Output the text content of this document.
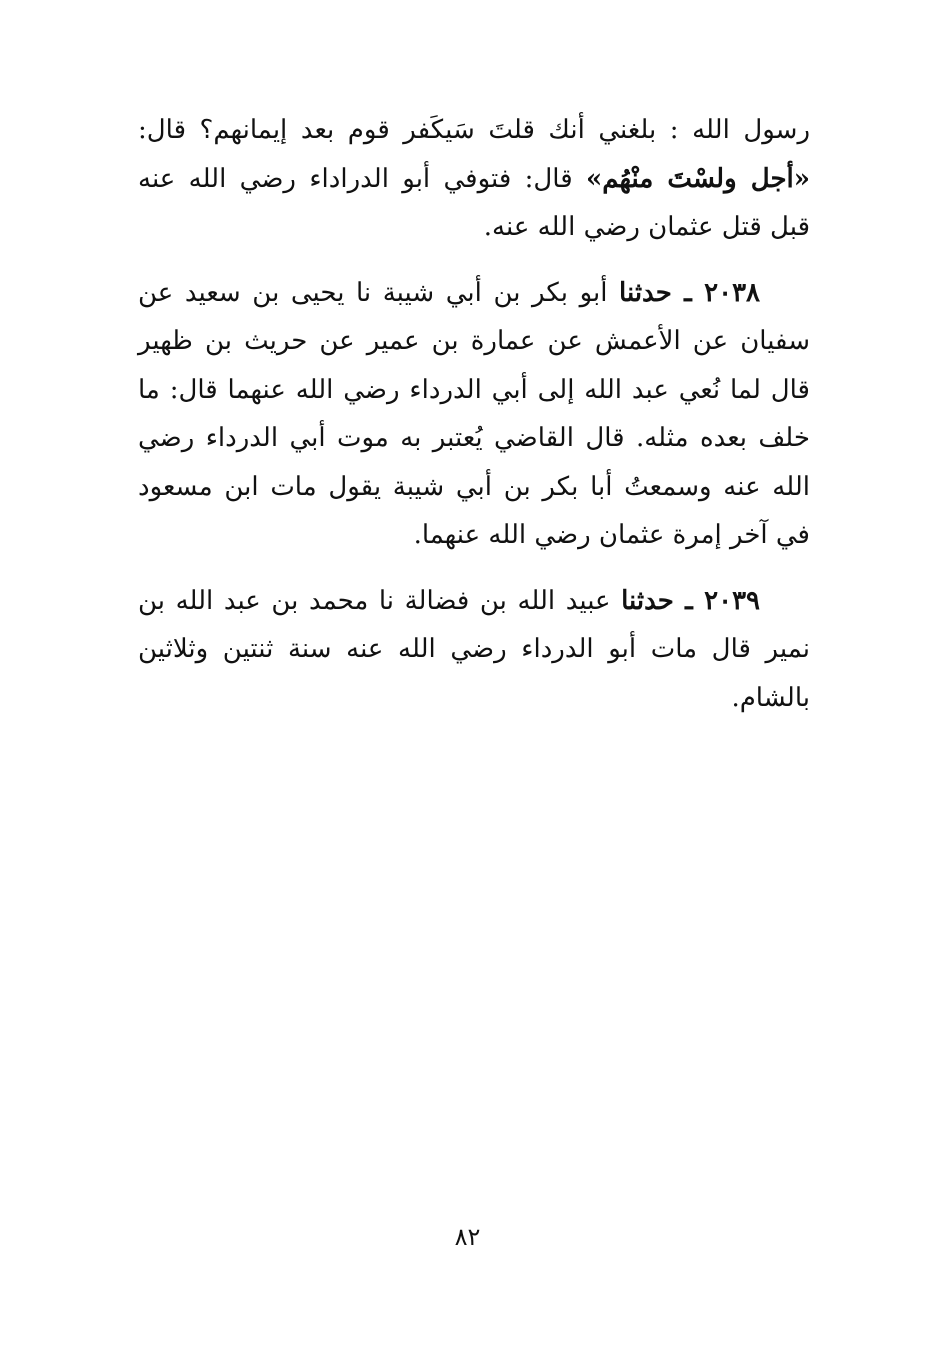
رسول الله : بلغني أنك قلتَ سَيكَفر قوم بعد إيمانهم؟ قال: «أجل ولسْتَ منْهُم» قال: فتوفي أبو الدراداء رضي الله عنه قبل قتل عثمان رضي الله عنه.

٢٠٣٨ ـ حدثنا أبو بكر بن أبي شيبة نا يحيى بن سعيد عن سفيان عن الأعمش عن عمارة بن عمير عن حريث بن ظهير قال لما نُعي عبد الله إلى أبي الدرداء رضي الله عنهما قال: ما خلف بعده مثله. قال القاضي يُعتبر به موت أبي الدرداء رضي الله عنه وسمعتُ أبا بكر بن أبي شيبة يقول مات ابن مسعود في آخر إمرة عثمان رضي الله عنهما.

٢٠٣٩ ـ حدثنا عبيد الله بن فضالة نا محمد بن عبد الله بن نمير قال مات أبو الدرداء رضي الله عنه سنة ثنتين وثلاثين بالشام.

٨٢
